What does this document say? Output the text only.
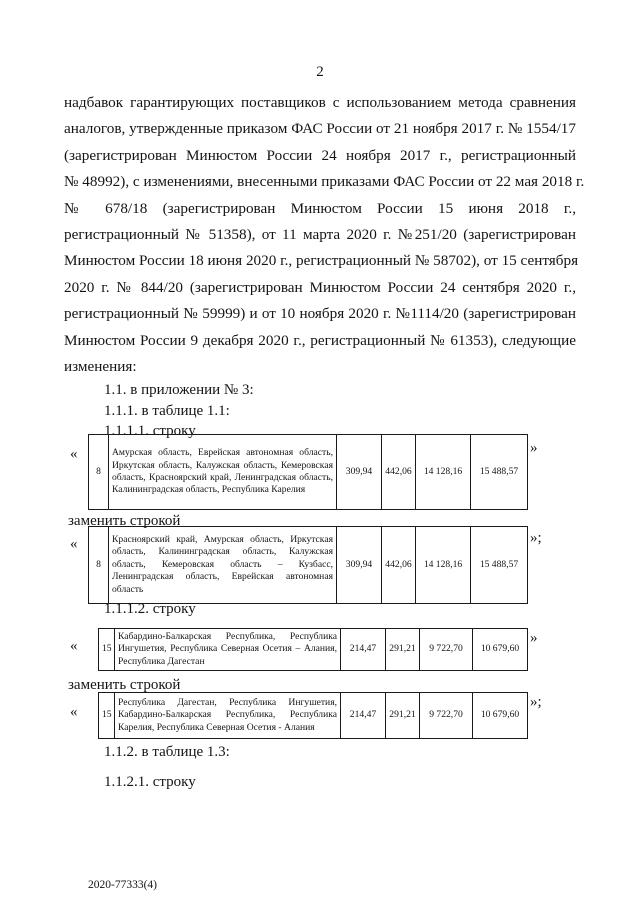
2
надбавок гарантирующих поставщиков с использованием метода сравнения
аналогов, утвержденные приказом ФАС России от 21 ноября 2017 г. № 1554/17
(зарегистрирован Минюстом России 24 ноября 2017 г., регистрационный
№ 48992), с изменениями, внесенными приказами ФАС России от 22 мая 2018 г.
№ 678/18 (зарегистрирован Минюстом России 15 июня 2018 г.,
регистрационный № 51358), от 11 марта 2020 г. №251/20 (зарегистрирован
Минюстом России 18 июня 2020 г., регистрационный № 58702), от 15 сентября
2020 г. № 844/20 (зарегистрирован Минюстом России 24 сентября 2020 г.,
регистрационный № 59999) и от 10 ноября 2020 г. №1114/20 (зарегистрирован
Минюстом России 9 декабря 2020 г., регистрационный № 61353), следующие
изменения:
1.1. в приложении № 3:
1.1.1. в таблице 1.1:
1.1.1.1. строку
«
8	Амурская область, Еврейская автономная область, Иркутская область, Калужская область, Кемеровская область, Красноярский край, Ленинградская область, Калининградская область, Республика Карелия	309,94	442,06	14 128,16	15 488,57
»
заменить строкой
«
8	Красноярский край, Амурская область, Иркутская область, Калининградская область, Калужская область, Кемеровская область – Кузбасс, Ленинградская область, Еврейская автономная область	309,94	442,06	14 128,16	15 488,57
»;
1.1.1.2. строку
«	15	Кабардино-Балкарская Республика, Республика Ингушетия, Республика Северная Осетия – Алания, Республика Дагестан	214,47	291,21	9 722,70	10 679,60
»
заменить строкой
«	15	Республика Дагестан, Республика Ингушетия, Кабардино-Балкарская Республика, Республика Карелия, Республика Северная Осетия - Алания	214,47	291,21	9 722,70	10 679,60
»;
1.1.2. в таблице 1.3:
1.1.2.1. строку
2020-77333(4)
